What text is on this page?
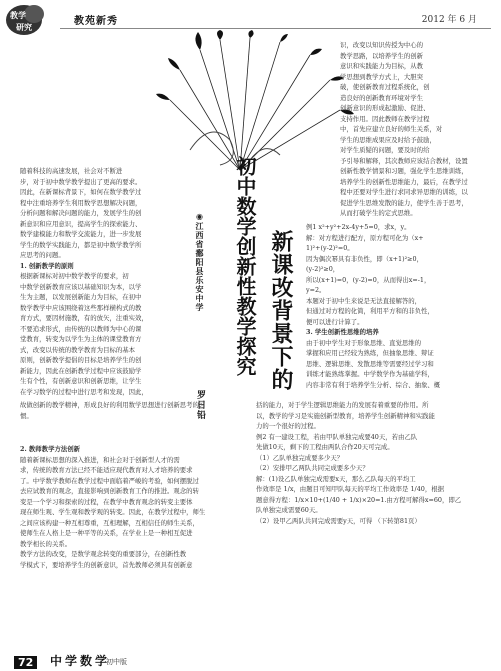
教学
研究
教苑新秀	2012 年 6 月
识，改变以知识传授为中心的
教学思路，以培养学生的创新
意识和实践能力为目标，从教
学思想到教学方式上，大胆突
破，使创新教育过程系统化，创
造良好的创新教育环境对学生
创新意识的形成起激励、促进、
支持作用。因此教师在教学过程
中，首先应建立良好的师生关系，对
学生的思维成果应及时给予鼓励，
对学生质疑的问题，要及时的给
予引导和解释，其次教师应该结合教材，设置
创新性教学情景和习题，强化学生思维训练，
培养学生的创新性思维能力，最后，在教学过
程中还要对学生进行求同求异思维的训练，以
促进学生思维发散的能力，使学生善于思考，
从而打破学生的定式思维。
新课改背景下的
初中数学创新性教学探究
◉江西省鄱阳县乐安中学
罗日铅
随着科技的高速发展，社会对不断进
步，对于初中数学教学提出了更高的要求。
因此，在新课标背景下，如何在数学教学过
程中注重培养学生利用数学思想解决问题，
分析问题和解决问题的能力，发展学生的创
新意识和应用意识，提高学生的探索能力、
数学建模能力和数学交流能力，进一步发展
学生的数学实践能力，都是初中数学教学所
应思考的问题。
1. 创新教学的原则
根据新课标对初中数学教学的要求，初
中数学创新教育应该以基础知识为本，以学
生为主题，以发展创新能力为目标，在初中
数学教学中应该围绕着这些那样横构式的教
育方式，要因材施教，有的放矢，注重实效，
不要追求形式，由传统的以教师为中心的课
堂教育，转变为以学生为主体的课堂教育方
式，改变以传统的教学教育为目标的基本
原则，创新教学提倡的目标是培养学生的创
新能力，因此在创新教学过程中应该鼓励学
生有个性，有创新意识和创新思维，让学生
在学习数学的过程中进行思考和发现，因此，
例1 x²+y²+2x-4y+5=0，求x，y。
解：对方程进行配方，原方程可化为（x+
1)²+(y-2)²=0。
因为偶次幂具有非负性，即（x+1)²≥0，
(y-2)²≥0，
所以(x+1)=0，(y-2)=0，从而得出x=-1，
y=2。
本题对于初中生来说是无法直接解答的，
但通过对方程的化简，利用平方和的非负性，
便可以进行计算了。
3. 学生创新性思维的培养
由于初中学生对于形象思维、直觉思维的
掌握和应用已经较为熟练，但抽象思维、辩证
思维、逻辑思维、发散思维等需要经过学习和
训练才能熟练掌握。中学数学作为基础学科，
内容非常有利于培养学生分析、综合、抽象、概
故做创新的教学精神，形成良好的利用数学思想进行创新思考的习
惯。
2. 教师教学方法创新
随着新课标思想的深入推进，和社会对于创新型人才的需
求，传统的教育方法已经不能适应现代教育对人才培养的要求
了。中学数学教师在教学过程中面临着严峻的考验，如何摆脱过
去应试教育的观念，直接影响到创新教育工作的推进。观念的转
变是一个学习和探索的过程，在教学中教育观念的转变主要体
现在师生观、学生观和教学观的转变。因此，在教学过程中，师生
之间应该构建一种互相尊重，互相理解，互相信任的师生关系，
使师生在人格上是一种平等的关系，在学业上是一种相互促进
教学相长的关系。
教学方法的改变，是数学观念转变的重要部分，在创新性教
学模式下，要培养学生的创新意识，首先教师必须具有创新意
括的能力，对于学生逻辑思维能力的发展有着重要的作用。所
以，教学的学习是实施创新型教育，培养学生创新精神和实践能
力的一个很好的过程。
例2 有一建设工程，若由甲队单独完成要40天，若由乙队
先做10天，剩下的工程由两队合作20天可完成。
（1）乙队单独完成要多少天？
（2）安排甲乙两队共同完成要多少天？
解：(1)设乙队单独完成需要x天，那么乙队每天的平均工
作效率是 1/x，由题目可知甲队每天的平均工作效率是 1/40，根据
题意得方程：1/x×10+(1/40 + 1/x)×20=1.由方程可解得x=60，即乙
队单独完成需要60天。
（2）设甲乙两队共同完成需要y天，可得 （下转第81页）
72	中学数学
初中版
